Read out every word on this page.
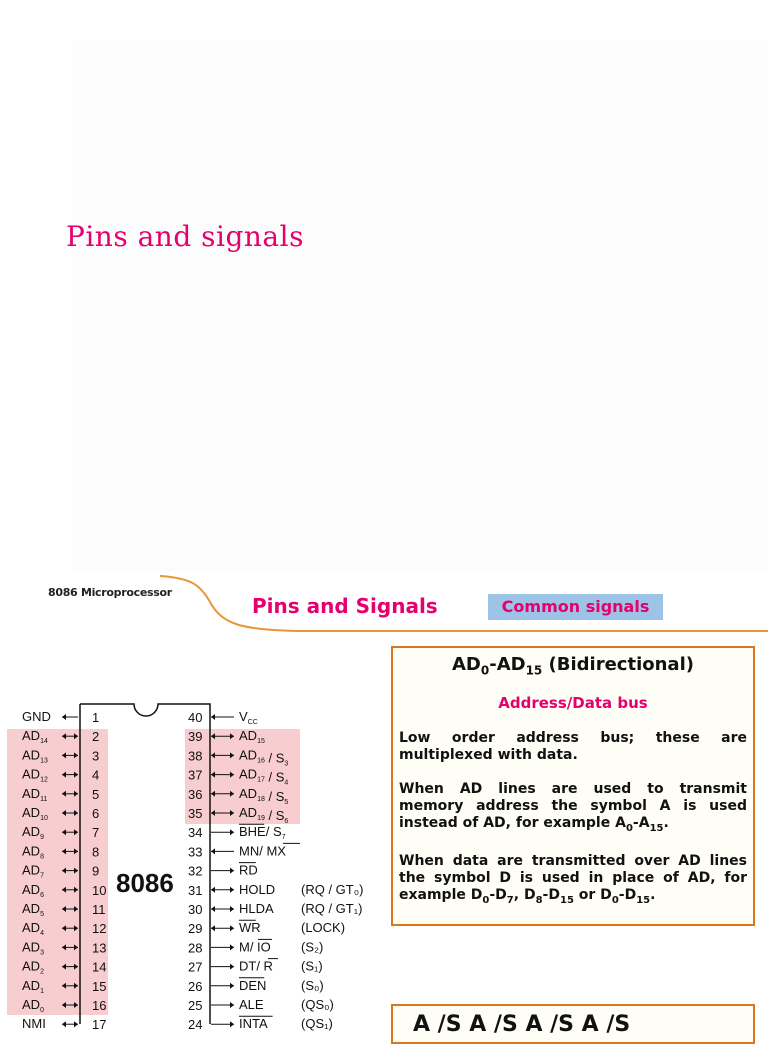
Pins and signals
8086 Microprocessor
Pins and Signals	Common signals
8086
GND	1
$AD_{14}$	2
$AD_{13}$	3
$AD_{12}$	4
$AD_{11}$	5
$AD_{10}$	6
$AD_9$	7
$AD_8$	8
$AD_7$	9
$AD_6$	10
$AD_5$	11
$AD_4$	12
$AD_3$	13
$AD_2$	14
$AD_1$	15
$AD_0$	16
NMI	17
40	$V_{CC}$
39	$AD_{15}$
38	$AD_{16} / S_3$
37	$AD_{17} / S_4$
36	$AD_{18} / S_5$
35	$AD_{19} / S_6$
34	BHE/ $S_7$
33	MN/ MX
32	RD
31	HOLD (RQ / GT₀)
30	HLDA (RQ / GT₁)
29	WR	(LOCK)
28	M/ IO (S₂)
27	DT/ R (S₁)
26	DEN	(S₀)
25	ALE	(QS₀)
24	INTA	(QS₁)
$AD_0-AD_{15}$ (Bidirectional)
Address/Data bus

Low order address bus; these are multiplexed with data.

When AD lines are used to transmit memory address the symbol A is used instead of AD, for example $A_0-A_{15}$.

When data are transmitted over AD lines the symbol D is used in place of AD, for example $D_0-D_7$, $D_8-D_{15}$ or $D_0-D_{15}$.

A /S A /S A /S A /S
